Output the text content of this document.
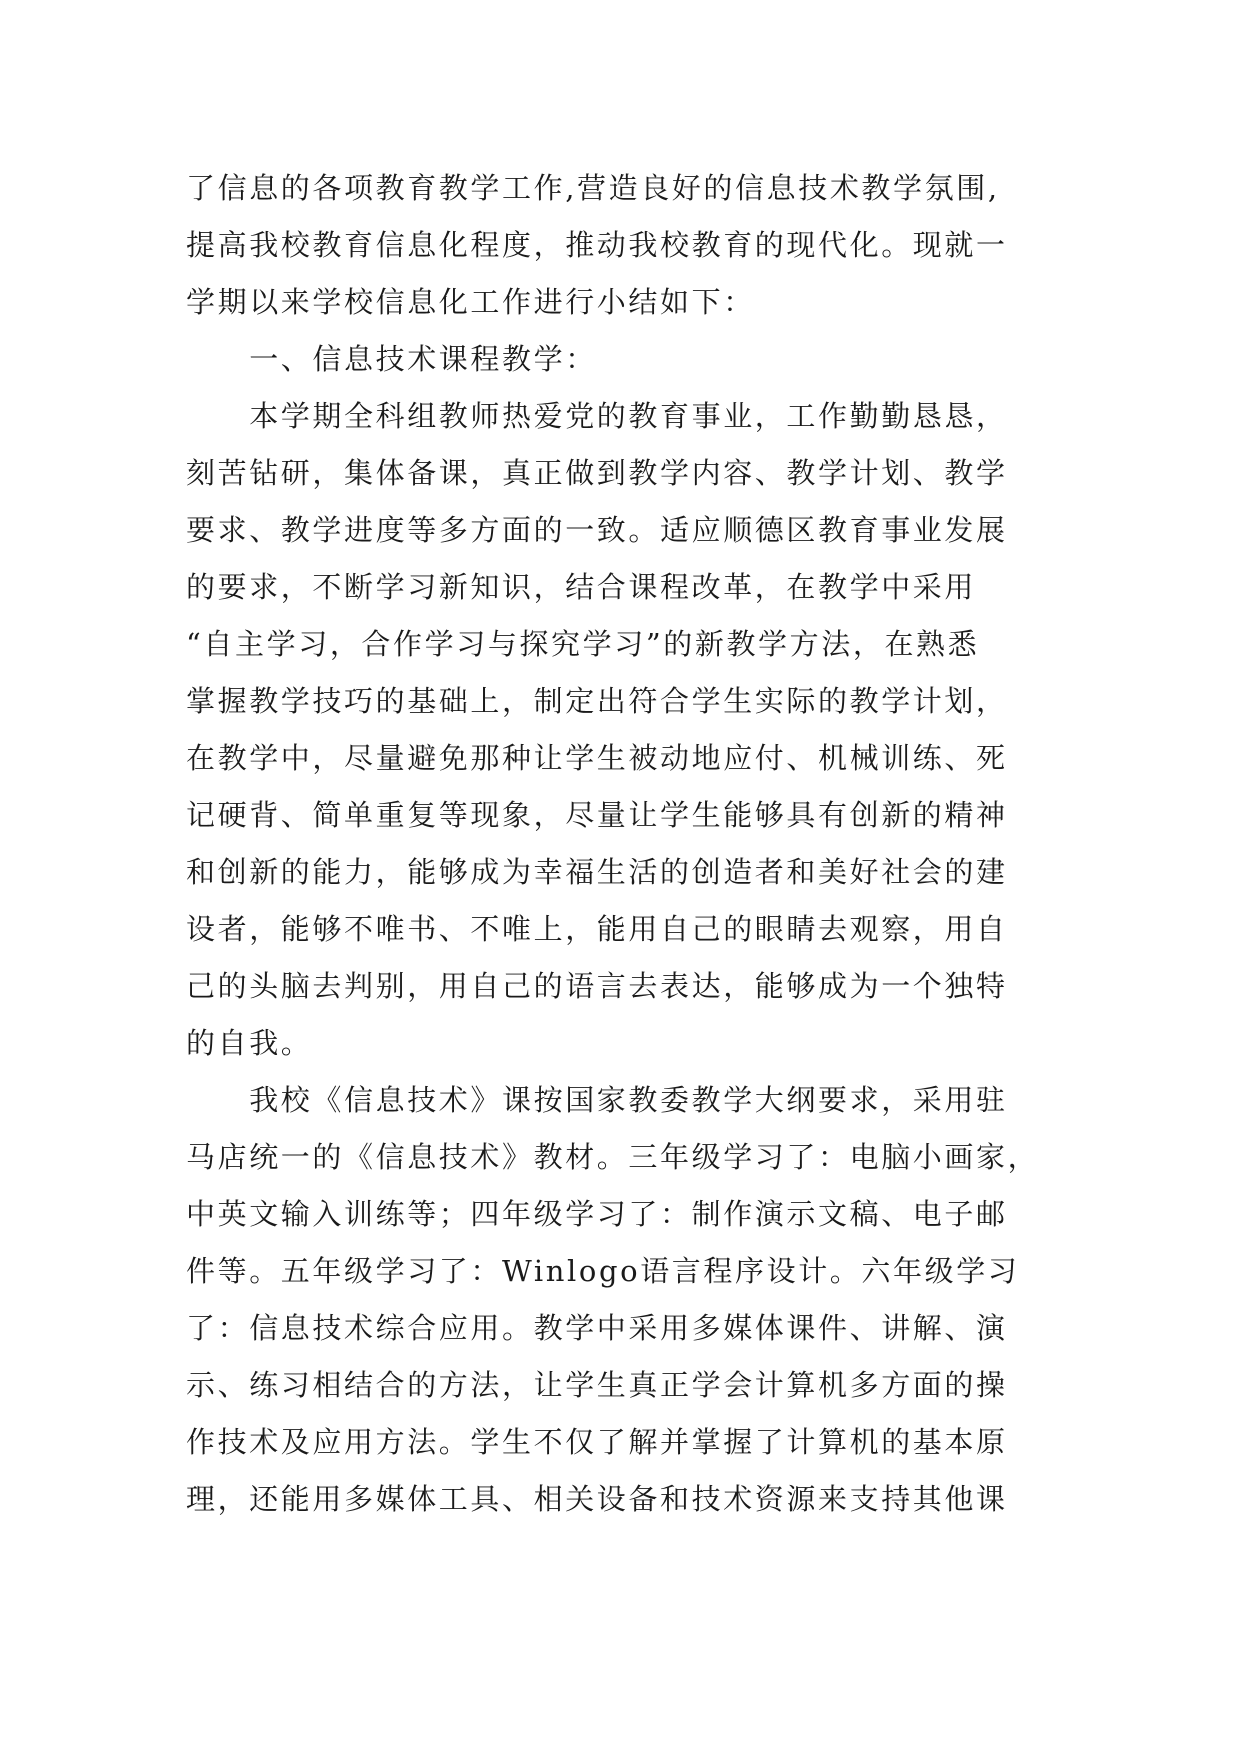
了信息的各项教育教学工作,营造良好的信息技术教学氛围,
提高我校教育信息化程度，推动我校教育的现代化。现就一
学期以来学校信息化工作进行小结如下：
　　一、信息技术课程教学：
　　本学期全科组教师热爱党的教育事业，工作勤勤恳恳，
刻苦钻研，集体备课，真正做到教学内容、教学计划、教学
要求、教学进度等多方面的一致。适应顺德区教育事业发展
的要求，不断学习新知识，结合课程改革，在教学中采用
“自主学习，合作学习与探究学习”的新教学方法，在熟悉
掌握教学技巧的基础上，制定出符合学生实际的教学计划，
在教学中，尽量避免那种让学生被动地应付、机械训练、死
记硬背、简单重复等现象，尽量让学生能够具有创新的精神
和创新的能力，能够成为幸福生活的创造者和美好社会的建
设者，能够不唯书、不唯上，能用自己的眼睛去观察，用自
己的头脑去判别，用自己的语言去表达，能够成为一个独特
的自我。
　　我校《信息技术》课按国家教委教学大纲要求，采用驻
马店统一的《信息技术》教材。三年级学习了：电脑小画家，
中英文输入训练等；四年级学习了：制作演示文稿、电子邮
件等。五年级学习了：Winlogo语言程序设计。六年级学习
了：信息技术综合应用。教学中采用多媒体课件、讲解、演
示、练习相结合的方法，让学生真正学会计算机多方面的操
作技术及应用方法。学生不仅了解并掌握了计算机的基本原
理，还能用多媒体工具、相关设备和技术资源来支持其他课
